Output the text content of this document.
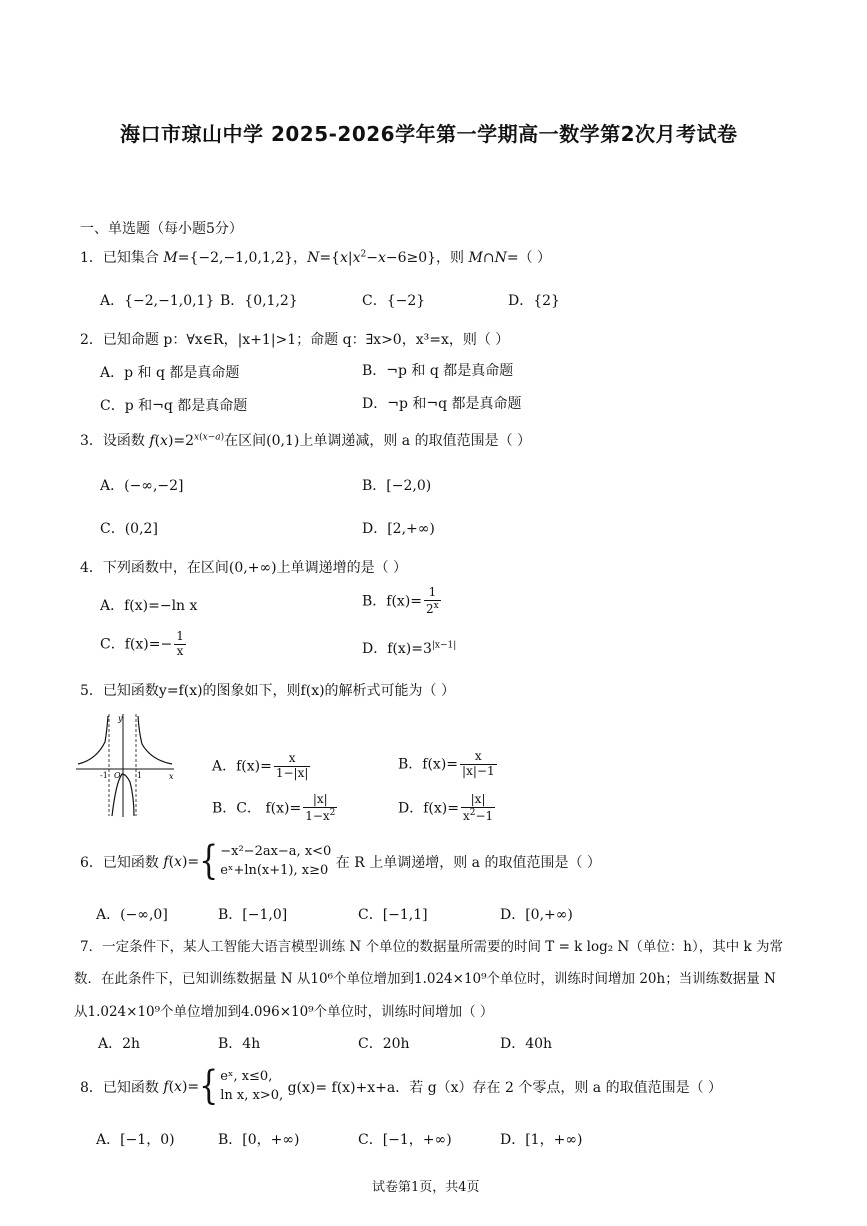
海口市琼山中学 2025-2026学年第一学期高一数学第2次月考试卷
一、单选题（每小题5分）
1．已知集合 M={−2,−1,0,1,2}，$N=\{x|x^2-x-6\ge 0\}$，则 M∩N=（ ）
A．{−2,−1,0,1} B．{0,1,2}	C．{−2}	D．{2}
2．已知命题 p：∀x∈R，|x+1|>1；命题 q：∃x>0，x³=x，则（ ）
A．p 和 q 都是真命题	B．¬p 和 q 都是真命题
C．p 和¬q 都是真命题	D．¬p 和¬q 都是真命题
3．设函数 $f(x)=2^{x(x-a)}$在区间(0,1)上单调递减，则 a 的取值范围是（ ）
A．(−∞,−2]	B．[−2,0)
C．(0,2]	D．[2,+∞)
4．下列函数中，在区间(0,+∞)上单调递增的是（ ）
A．f(x)=−ln x	B．$f(x)= \frac{1}{2^x}$
C．$f(x)=- \frac{1}{x}$	D．$f(x)=3^{|x-1|}$
5．已知函数y=f(x)的图象如下，则f(x)的解析式可能为（ ）
y
x
-1 O 1
A．$f(x)= \frac{x}{1-|x|}$	B．$f(x)= \frac{x}{|x|-1}$
B．C． $f(x)= \frac{|x|}{1-x^2}$	D．$f(x)= \frac{|x|}{x^2-1}$
6．已知函数 f(x)={ −x²−2ax−a, x<0
eˣ+ln(x+1), x≥0 在 R 上单调递增，则 a 的取值范围是（ ）
A．(−∞,0]	B．[−1,0]	C．[−1,1]	D．[0,+∞)
7．一定条件下，某人工智能大语言模型训练 N 个单位的数据量所需要的时间 T = k log₂ N（单位：h），其中 k 为常
数．在此条件下，已知训练数据量 N 从10⁶个单位增加到1.024×10⁹个单位时，训练时间增加 20h；当训练数据量 N
从1.024×10⁹个单位增加到4.096×10⁹个单位时，训练时间增加（ ）
A．2h	B．4h	C．20h	D．40h
8．已知函数 f(x)={ eˣ, x≤0,
ln x, x>0, g(x)= f(x)+x+a．若 g（x）存在 2 个零点，则 a 的取值范围是（ ）
A．[−1，0)	B．[0，+∞)	C．[−1，+∞)	D．[1，+∞)
试卷第1页，共4页
